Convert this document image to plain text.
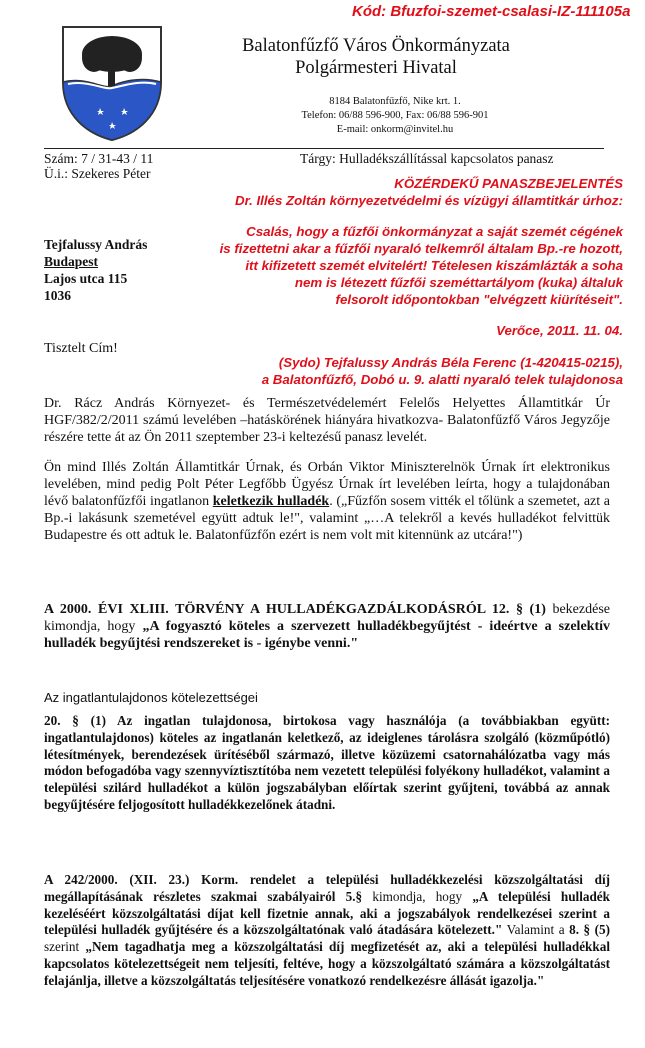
Kód: Bfuzfoi-szemet-csalasi-IZ-111105a
Balatonfűzfő Város Önkormányzata
Polgármesteri Hivatal
8184 Balatonfűzfő, Nike krt. 1.
Telefon: 06/88 596-900, Fax: 06/88 596-901
E-mail: onkorm@invitel.hu
Szám: 7 / 31-43 / 11
Ü.i.: Szekeres Péter
Tárgy: Hulladékszállítással kapcsolatos panasz
KÖZÉRDEKŰ PANASZBEJELENTÉS
Dr. Illés Zoltán környezetvédelmi és vízügyi államtitkár úrhoz:
Csalás, hogy a fűzfői önkormányzat a saját szemét cégének
is fizettetni akar a fűzfői nyaraló telkemről általam Bp.-re hozott,
itt kifizetett szemét elvitelért! Tételesen kiszámlázták a soha
nem is létezett fűzfői szeméttartályom (kuka) általuk
felsorolt időpontokban "elvégzett kiürítéseit".
Verőce, 2011. 11. 04.
(Sydo) Tejfalussy András Béla Ferenc (1-420415-0215),
a Balatonfűzfő, Dobó u. 9. alatti nyaraló telek tulajdonosa
Tejfalussy András
Budapest
Lajos utca 115
1036
Tisztelt Cím!
Dr. Rácz András Környezet- és Természetvédelemért Felelős Helyettes Államtitkár Úr HGF/382/2/2011 számú levelében –hatáskörének hiányára hivatkozva- Balatonfűzfő Város Jegyzője részére tette át az Ön 2011 szeptember 23-i keltezésű panasz levelét.
Ön mind Illés Zoltán Államtitkár Úrnak, és Orbán Viktor Miniszterelnök Úrnak írt elektronikus levelében, mind pedig Polt Péter Legfőbb Ügyész Úrnak írt levelében leírta, hogy a tulajdonában lévő balatonfűzfői ingatlanon keletkezik hulladék. („Fűzfőn sosem vitték el tőlünk a szemetet, azt a Bp.-i lakásunk szemetével együtt adtuk le!", valamint „…A telekről a kevés hulladékot felvittük Budapestre és ott adtuk le. Balatonfűzfőn ezért is nem volt mit kitennünk az utcára!")
A 2000. ÉVI XLIII. TÖRVÉNY A HULLADÉKGAZDÁLKODÁSRÓL 12. § (1) bekezdése kimondja, hogy „A fogyasztó köteles a szervezett hulladékbegyűjtést - ideértve a szelektív hulladék begyűjtési rendszereket is - igénybe venni."
Az ingatlantulajdonos kötelezettségei
20. § (1) Az ingatlan tulajdonosa, birtokosa vagy használója (a továbbiakban együtt: ingatlantulajdonos) köteles az ingatlanán keletkező, az ideiglenes tárolásra szolgáló (közműpótló) létesítmények, berendezések ürítéséből származó, illetve közüzemi csatornahálózatba vagy más módon befogadóba vagy szennyvíztisztítóba nem vezetett települési folyékony hulladékot, valamint a települési szilárd hulladékot a külön jogszabályban előírtak szerint gyűjteni, továbbá az annak begyűjtésére feljogosított hulladékkezelőnek átadni.
A 242/2000. (XII. 23.) Korm. rendelet a települési hulladékkezelési közszolgáltatási díj megállapításának részletes szakmai szabályairól 5.§ kimondja, hogy „A települési hulladék kezeléséért közszolgáltatási díjat kell fizetnie annak, aki a jogszabályok rendelkezései szerint a települési hulladék gyűjtésére és a közszolgáltatónak való átadására kötelezett." Valamint a 8. § (5) szerint „Nem tagadhatja meg a közszolgáltatási díj megfizetését az, aki a települési hulladékkal kapcsolatos kötelezettségeit nem teljesíti, feltéve, hogy a közszolgáltató számára a közszolgáltatást felajánlja, illetve a közszolgáltatás teljesítésére vonatkozó rendelkezésre állását igazolja."
